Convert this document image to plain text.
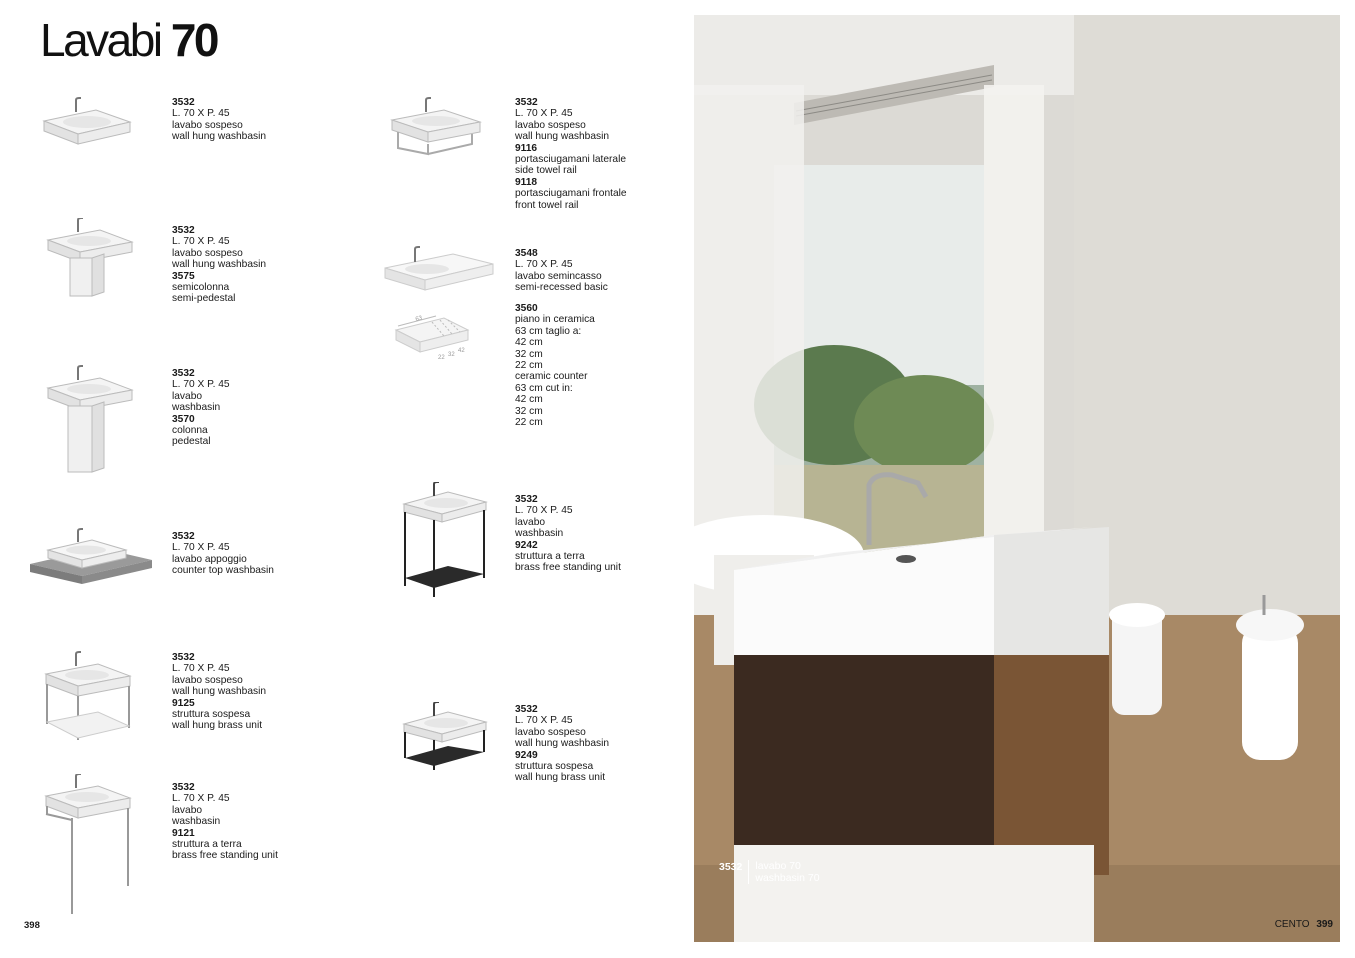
Lavabi 70
3532
L. 70 X P. 45
lavabo sospeso
wall hung washbasin
3532
L. 70 X P. 45
lavabo sospeso
wall hung washbasin
3575
semicolonna
semi-pedestal
3532
L. 70 X P. 45
lavabo
washbasin
3570
colonna
pedestal
3532
L. 70 X P. 45
lavabo appoggio
counter top washbasin
3532
L. 70 X P. 45
lavabo sospeso
wall hung washbasin
9125
struttura sospesa
wall hung brass unit
3532
L. 70 X P. 45
lavabo
washbasin
9121
struttura a terra
brass free standing unit
3532
L. 70 X P. 45
lavabo sospeso
wall hung washbasin
9116
portasciugamani laterale
side towel rail
9118
portasciugamani frontale
front towel rail
3548
L. 70 X P. 45
lavabo semincasso
semi-recessed basic
63
22 32
42
3560
piano in ceramica
63 cm taglio a:
42 cm
32 cm
22 cm
ceramic counter
63 cm cut in:
42 cm
32 cm
22 cm
3532
L. 70 X P. 45
lavabo
washbasin
9242
struttura a terra
brass free standing unit
3532
L. 70 X P. 45
lavabo sospeso
wall hung washbasin
9249
struttura sospesa
wall hung brass unit
398
3532	lavabo 70
washbasin 70
CENTO 399
